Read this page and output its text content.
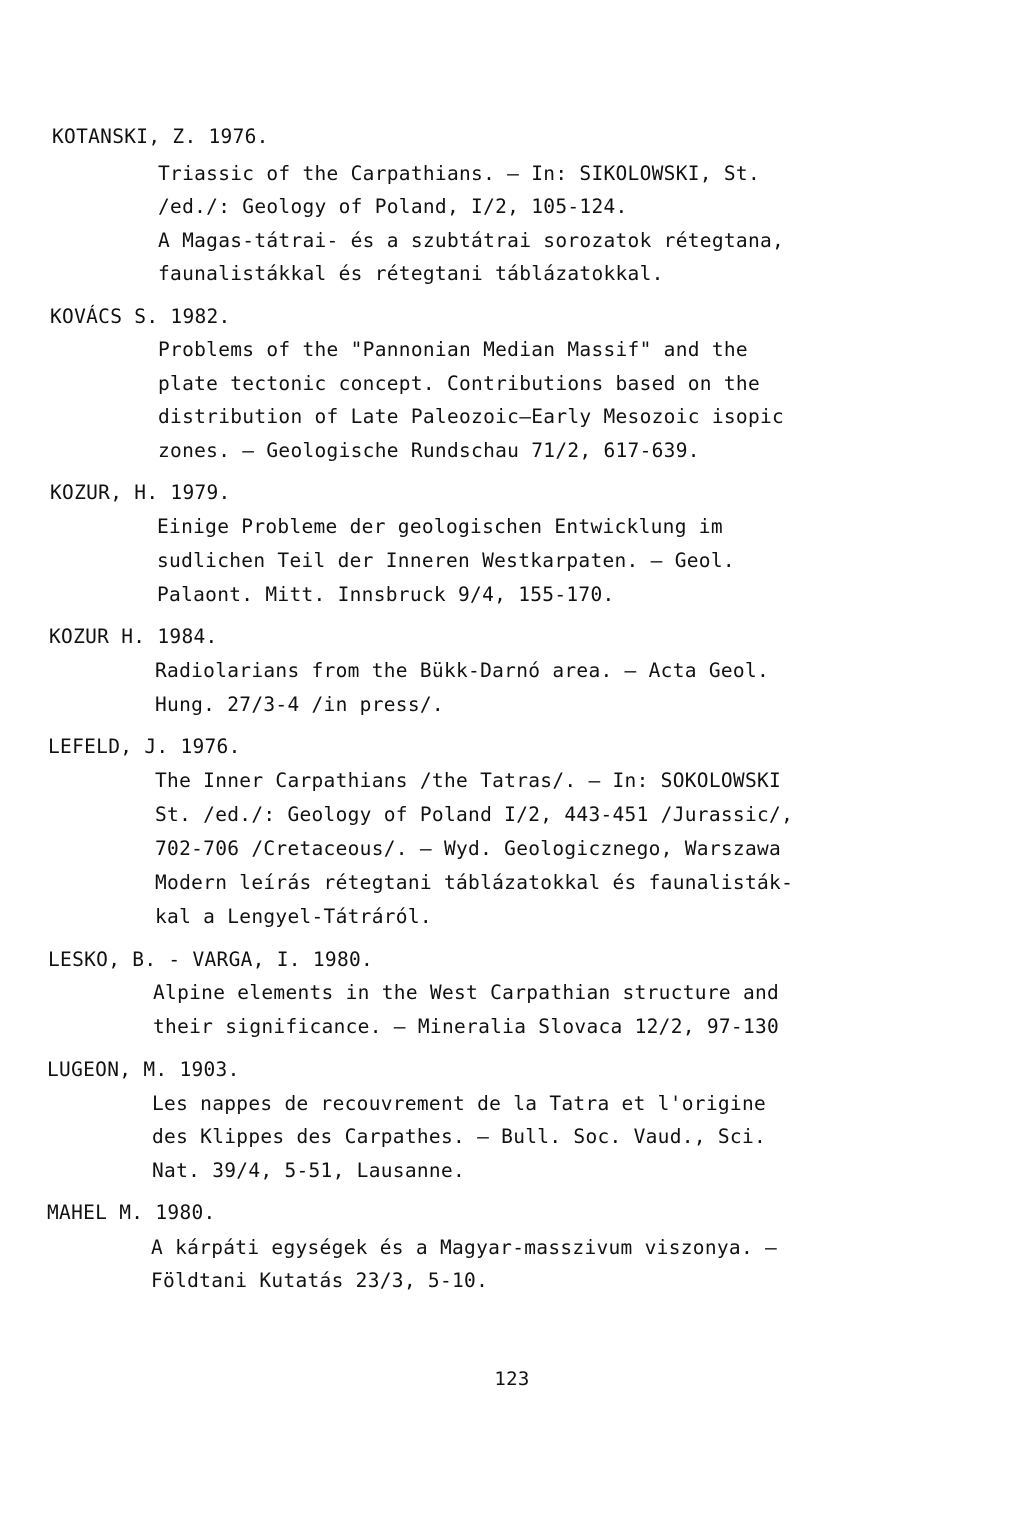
KOTANSKI, Z. 1976.
Triassic of the Carpathians. — In: SIKOLOWSKI, St.
/ed./: Geology of Poland, I/2, 105-124.
A Magas-tátrai- és a szubtátrai sorozatok rétegtana,
faunalistákkal és rétegtani táblázatokkal.
KOVÁCS S. 1982.
Problems of the "Pannonian Median Massif" and the
plate tectonic concept. Contributions based on the
distribution of Late Paleozoic—Early Mesozoic isopic
zones. — Geologische Rundschau 71/2, 617-639.
KOZUR, H. 1979.
Einige Probleme der geologischen Entwicklung im
sudlichen Teil der Inneren Westkarpaten. — Geol.
Palaont. Mitt. Innsbruck 9/4, 155-170.
KOZUR H. 1984.
Radiolarians from the Bükk-Darnó area. — Acta Geol.
Hung. 27/3-4 /in press/.
LEFELD, J. 1976.
The Inner Carpathians /the Tatras/. — In: SOKOLOWSKI
St. /ed./: Geology of Poland I/2, 443-451 /Jurassic/,
702-706 /Cretaceous/. — Wyd. Geologicznego, Warszawa
Modern leírás rétegtani táblázatokkal és faunalisták-
kal a Lengyel-Tátráról.
LESKO, B. - VARGA, I. 1980.
Alpine elements in the West Carpathian structure and
their significance. — Mineralia Slovaca 12/2, 97-130
LUGEON, M. 1903.
Les nappes de recouvrement de la Tatra et l'origine
des Klippes des Carpathes. — Bull. Soc. Vaud., Sci.
Nat. 39/4, 5-51, Lausanne.
MAHEL M. 1980.
A kárpáti egységek és a Magyar-masszivum viszonya. —
Földtani Kutatás 23/3, 5-10.
123
